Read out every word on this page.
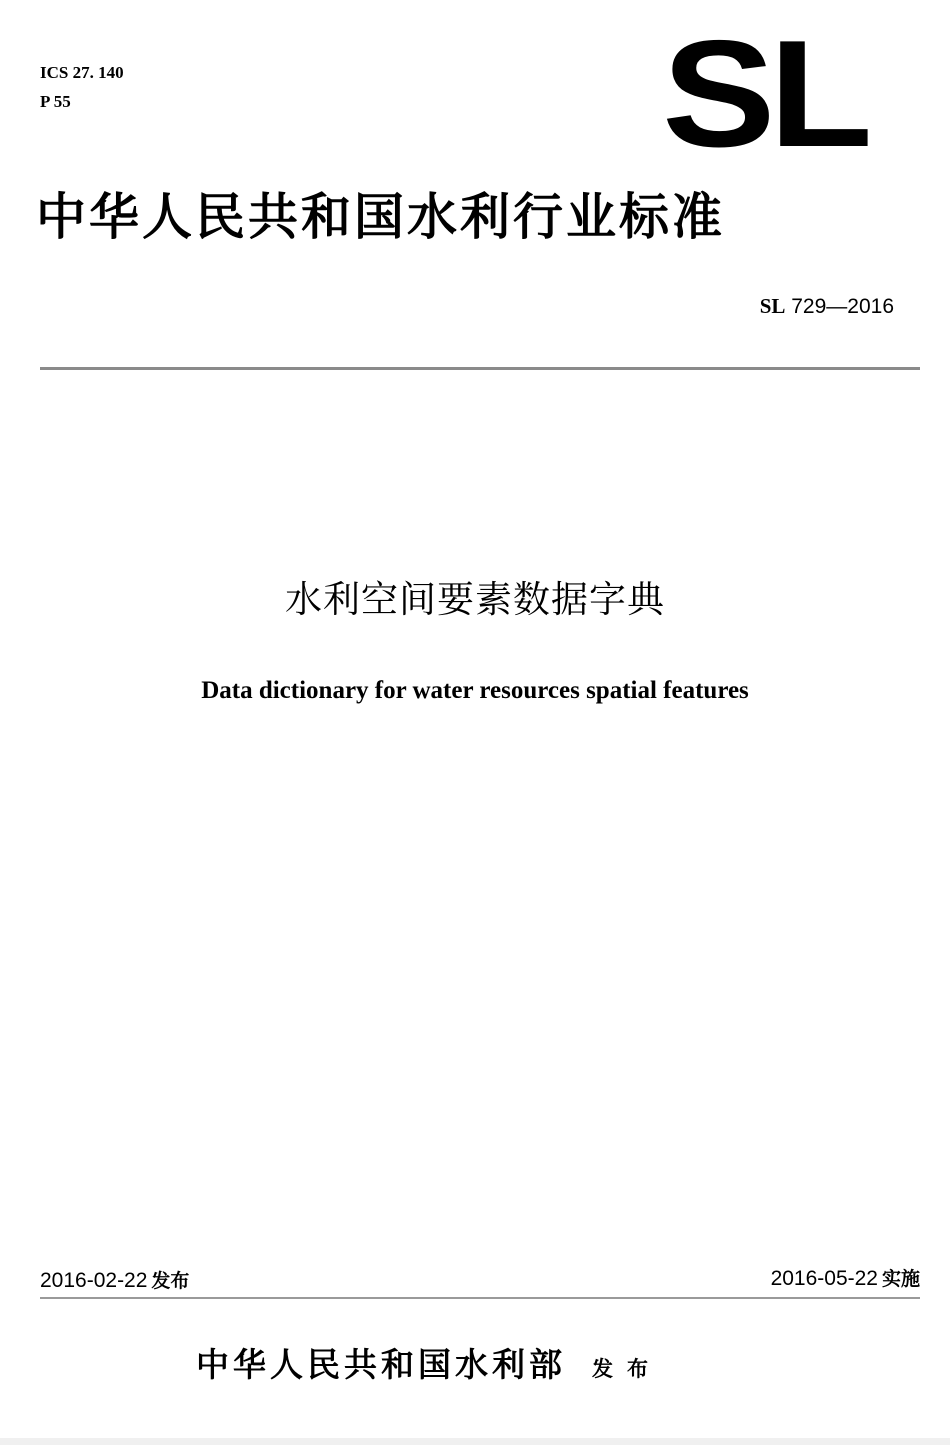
ICS 27. 140
P 55	SL
中华人民共和国水利行业标准
SL 729—2016
水利空间要素数据字典
Data dictionary for water resources spatial features
2016-02-22 发布	2016-05-22 实施
中华人民共和国水利部 发布
